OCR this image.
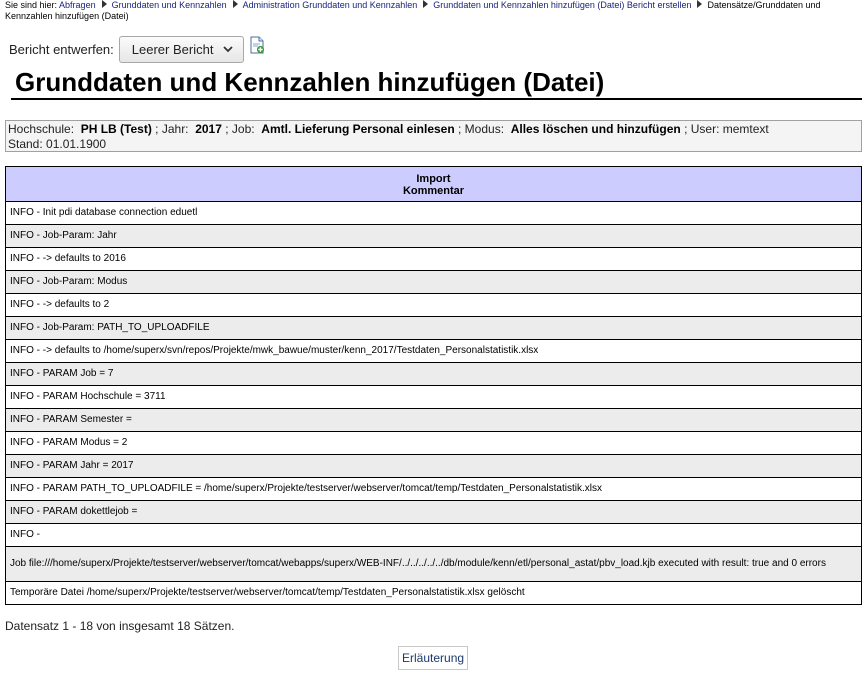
Sie sind hier: Abfragen Grunddaten und Kennzahlen Administration Grunddaten und Kennzahlen Grunddaten und Kennzahlen hinzufügen (Datei) Bericht erstellen Datensätze/Grunddaten und Kennzahlen hinzufügen (Datei)
Bericht entwerfen: Leerer Bericht
Grunddaten und Kennzahlen hinzufügen (Datei)
Hochschule: PH LB (Test) ; Jahr: 2017 ; Job: Amtl. Lieferung Personal einlesen ; Modus: Alles löschen und hinzufügen ; User: memtext
Stand: 01.01.1900
Import
Kommentar
INFO - Init pdi database connection eduetl
INFO - Job-Param: Jahr
INFO - -> defaults to 2016
INFO - Job-Param: Modus
INFO - -> defaults to 2
INFO - Job-Param: PATH_TO_UPLOADFILE
INFO - -> defaults to /home/superx/svn/repos/Projekte/mwk_bawue/muster/kenn_2017/Testdaten_Personalstatistik.xlsx
INFO - PARAM Job = 7
INFO - PARAM Hochschule = 3711
INFO - PARAM Semester =
INFO - PARAM Modus = 2
INFO - PARAM Jahr = 2017
INFO - PARAM PATH_TO_UPLOADFILE = /home/superx/Projekte/testserver/webserver/tomcat/temp/Testdaten_Personalstatistik.xlsx
INFO - PARAM dokettlejob =
INFO -
Job file:///home/superx/Projekte/testserver/webserver/tomcat/webapps/superx/WEB-INF/../../../../../db/module/kenn/etl/personal_astat/pbv_load.kjb executed with result: true and 0 errors
Temporäre Datei /home/superx/Projekte/testserver/webserver/tomcat/temp/Testdaten_Personalstatistik.xlsx gelöscht
Datensatz 1 - 18 von insgesamt 18 Sätzen.
Erläuterung
